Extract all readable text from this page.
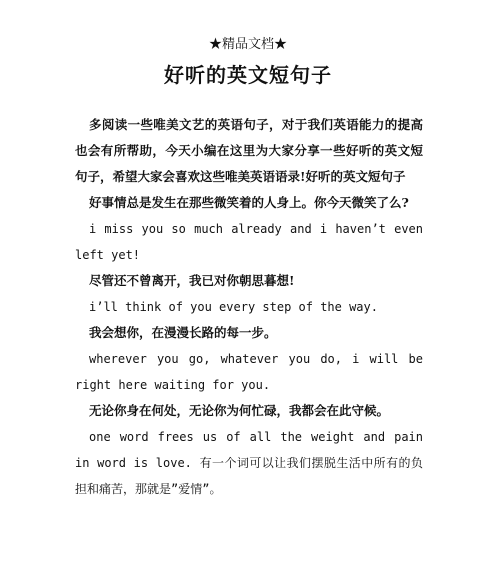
★精品文档★
好听的英文短句子

多阅读一些唯美文艺的英语句子，对于我们英语能力的提高也会有所帮助，今天小编在这里为大家分享一些好听的英文短句子，希望大家会喜欢这些唯美英语语录!好听的英文短句子

好事情总是发生在那些微笑着的人身上。你今天微笑了么?

i miss you so much already and i haven’t even left yet!

尽管还不曾离开，我已对你朝思暮想!

i’ll think of you every step of the way.

我会想你，在漫漫长路的每一步。

wherever you go, whatever you do, i will be right here waiting for you.

无论你身在何处，无论你为何忙碌，我都会在此守候。

one word frees us of all the weight and pain in word is love. 有一个词可以让我们摆脱生活中所有的负担和痛苦，那就是”爱情”。
